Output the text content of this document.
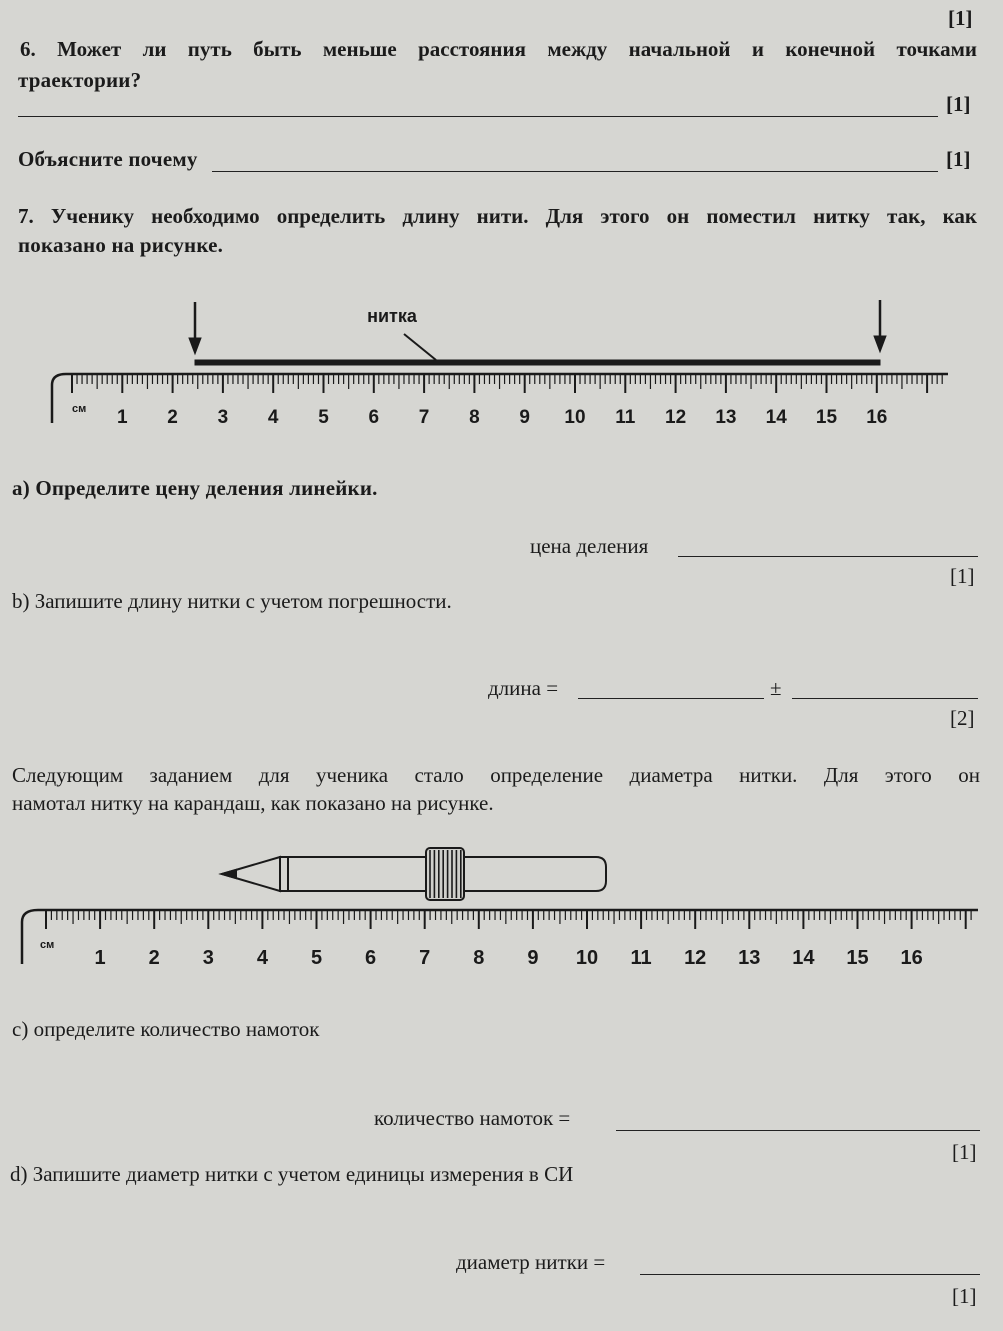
[1]
6. Может ли путь быть меньше расстояния между начальной и конечной точками
траектории?
[1]
Объясните почему	[1]
7. Ученику необходимо определить длину нити. Для этого он поместил нитку так, как
показано на рисунке.
нитка
см 1 2 3 4 5 6 7 8 9 10 11 12 13 14 15 16
a) Определите цену деления линейки.
цена деления
[1]
b) Запишите длину нитки с учетом погрешности.
длина =	±
[2]
Следующим заданием для ученика стало определение диаметра нитки. Для этого он
намотал нитку на карандаш, как показано на рисунке.
см
1 2 3 4 5 6 7 8 9 10 11 12 13 14 15 16
c) определите количество намоток
количество намоток =
[1]
d) Запишите диаметр нитки с учетом единицы измерения в СИ
диаметр нитки =
[1]
